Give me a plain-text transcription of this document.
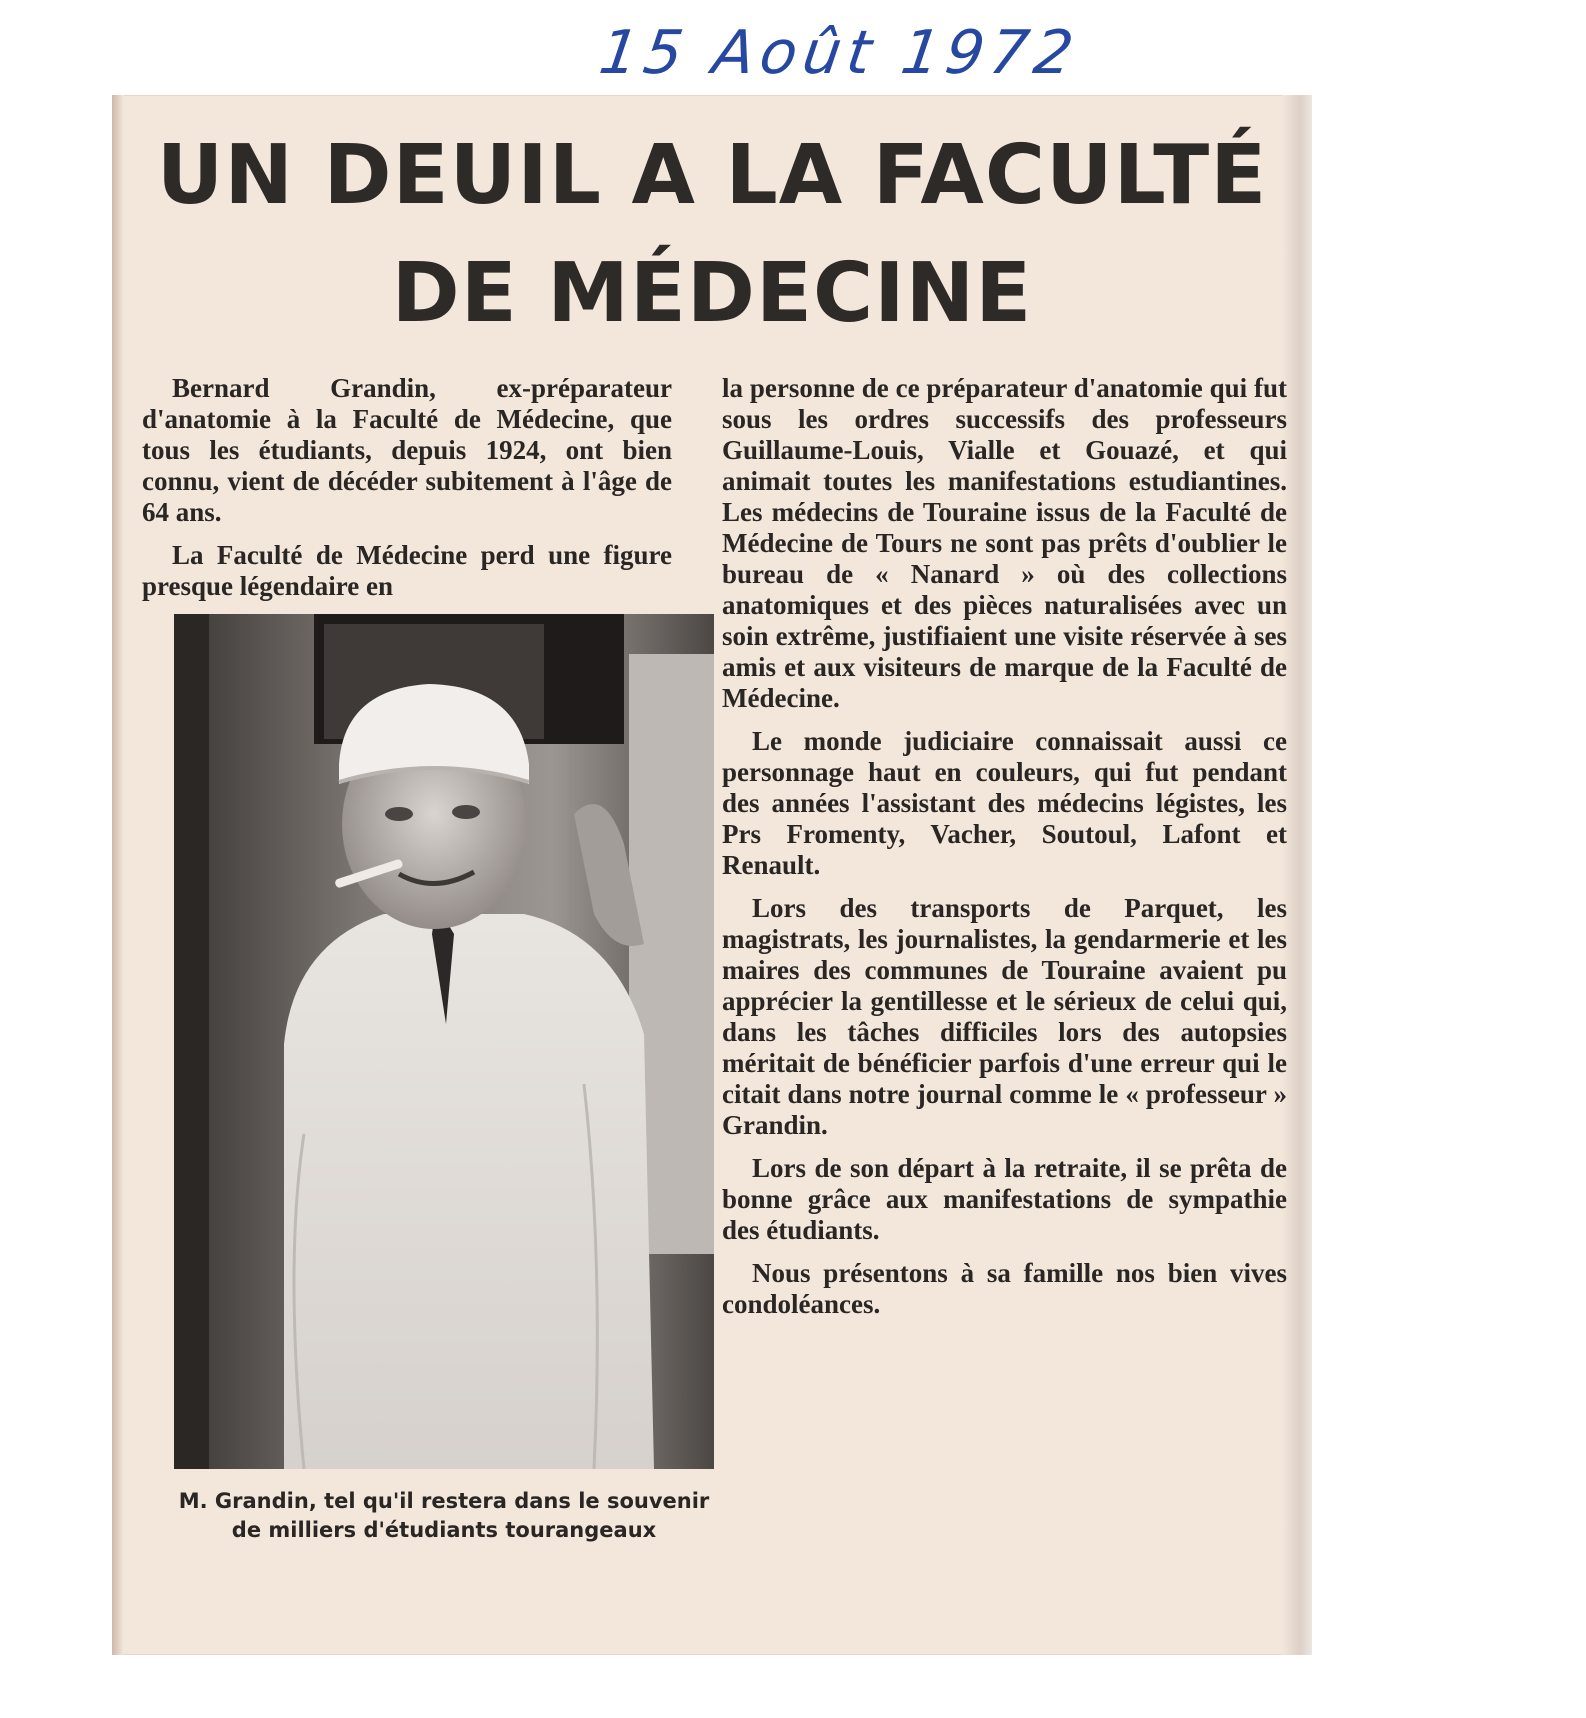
15 Août 1972
UN DEUIL A LA FACULTÉ
DE MÉDECINE

Bernard Grandin, ex-préparateur d'anatomie à la Faculté de Médecine, que tous les étudiants, depuis 1924, ont bien connu, vient de décéder subitement à l'âge de 64 ans.

La Faculté de Médecine perd une figure presque légendaire en

M. Grandin, tel qu'il restera dans le souvenir de milliers d'étudiants tourangeaux

la personne de ce préparateur d'anatomie qui fut sous les ordres successifs des professeurs Guillaume-Louis, Vialle et Gouazé, et qui animait toutes les manifestations estudiantines. Les médecins de Touraine issus de la Faculté de Médecine de Tours ne sont pas prêts d'oublier le bureau de « Nanard » où des collections anatomiques et des pièces naturalisées avec un soin extrême, justifiaient une visite réservée à ses amis et aux visiteurs de marque de la Faculté de Médecine.

Le monde judiciaire connaissait aussi ce personnage haut en couleurs, qui fut pendant des années l'assistant des médecins légistes, les Prs Fromenty, Vacher, Soutoul, Lafont et Renault.

Lors des transports de Parquet, les magistrats, les journalistes, la gendarmerie et les maires des communes de Touraine avaient pu apprécier la gentillesse et le sérieux de celui qui, dans les tâches difficiles lors des autopsies méritait de bénéficier parfois d'une erreur qui le citait dans notre journal comme le « professeur » Grandin.

Lors de son départ à la retraite, il se prêta de bonne grâce aux manifestations de sympathie des étudiants.

Nous présentons à sa famille nos bien vives condoléances.
